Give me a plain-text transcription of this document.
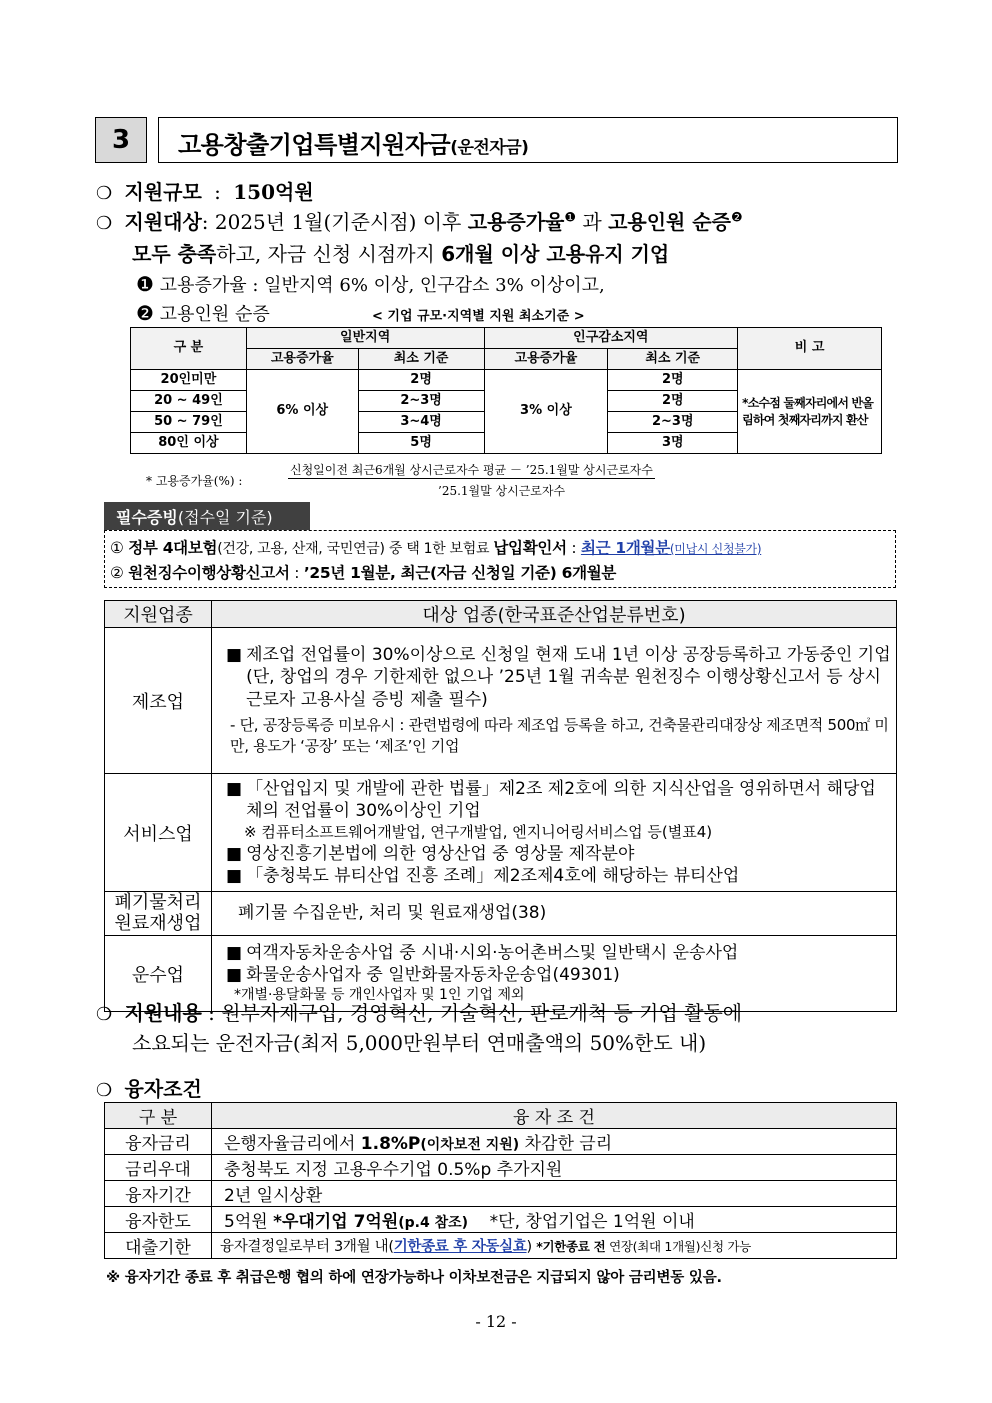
3 고용창출기업특별지원자금(운전자금)
❍ 지원규모 : 150억원
❍ 지원대상: 2025년 1월(기준시점) 이후 고용증가율$^❶$ 과 고용인원 순증$^❷$
모두 충족하고, 자금 신청 시점까지 6개월 이상 고용유지 기업
❶ 고용증가율 : 일반지역 6% 이상, 인구감소 3% 이상이고,
❷ 고용인원 순증	< 기업 규모·지역별 지원 최소기준 >
구 분	일반지역		인구감소지역		비 고
	고용증가율	최소 기준	고용증가율	최소 기준	
20인미만	6% 이상	2명	3% 이상	2명	*소수점 둘째자리에서 반올림하여 첫째자리까지 환산
20 ~ 49인		2~3명		2명	
50 ~ 79인		3~4명		2~3명	
80인 이상		5명		3명	
* 고용증가율(%) :
신청일이전 최근6개월 상시근로자수 평균 － ’25.1월말 상시근로자수
’25.1월말 상시근로자수
필수증빙 (접수일 기준)
① 정부 4대보험(건강, 고용, 산재, 국민연금) 중 택 1한 보험료 납입확인서 : 최근 1개월분(미납시 신청불가)
② 원천징수이행상황신고서 : ’25년 1월분, 최근(자금 신청일 기준) 6개월분
지원업종	대상 업종(한국표준산업분류번호)
제조업	■ 제조업 전업률이 30%이상으로 신청일 현재 도내 1년 이상 공장등록하고 가동중인 기업(단, 창업의 경우 기한제한 없으나 ’25년 1월 귀속분 원천징수 이행상황신고서 등 상시근로자 고용사실 증빙 제출 필수)
- 단, 공장등록증 미보유시 : 관련법령에 따라 제조업 등록을 하고, 건축물관리대장상 제조면적 500㎡ 미만, 용도가 ‘공장’ 또는 ‘제조’인 기업

서비스업	■ 「산업입지 및 개발에 관한 법률」제2조 제2호에 의한 지식산업을 영위하면서 해당업체의 전업률이 30%이상인 기업
※ 컴퓨터소프트웨어개발업, 연구개발업, 엔지니어링서비스업 등(별표4)
■ 영상진흥기본법에 의한 영상산업 중 영상물 제작분야
■ 「충청북도 뷰티산업 진흥 조례」제2조제4호에 해당하는 뷰티산업

폐기물처리
원료재생업	폐기물 수집운반, 처리 및 원료재생업(38)
운수업	■ 여객자동차운송사업 중 시내·시외·농어촌버스및 일반택시 운송사업
■ 화물운송사업자 중 일반화물자동차운송업(49301)
*개별·용달화물 등 개인사업자 및 1인 기업 제외
❍ 지원내용 : 원부자재구입, 경영혁신, 기술혁신, 판로개척 등 기업 활동에
소요되는 운전자금(최저 5,000만원부터 연매출액의 50%한도 내)
❍ 융자조건
구 분	융 자 조 건
융자금리	은행자율금리에서 1.8%P(이차보전 지원) 차감한 금리
금리우대	충청북도 지정 고용우수기업 0.5%p 추가지원
융자기간	2년 일시상환
융자한도	5억원 *우대기업 7억원(p.4 참조)    *단, 창업기업은 1억원 이내
대출기한	융자결정일로부터 3개월 내(기한종료 후 자동실효) *기한종료 전 연장(최대 1개월)신청 가능
※ 융자기간 종료 후 취급은행 협의 하에 연장가능하나 이차보전금은 지급되지 않아 금리변동 있음.
- 12 -
